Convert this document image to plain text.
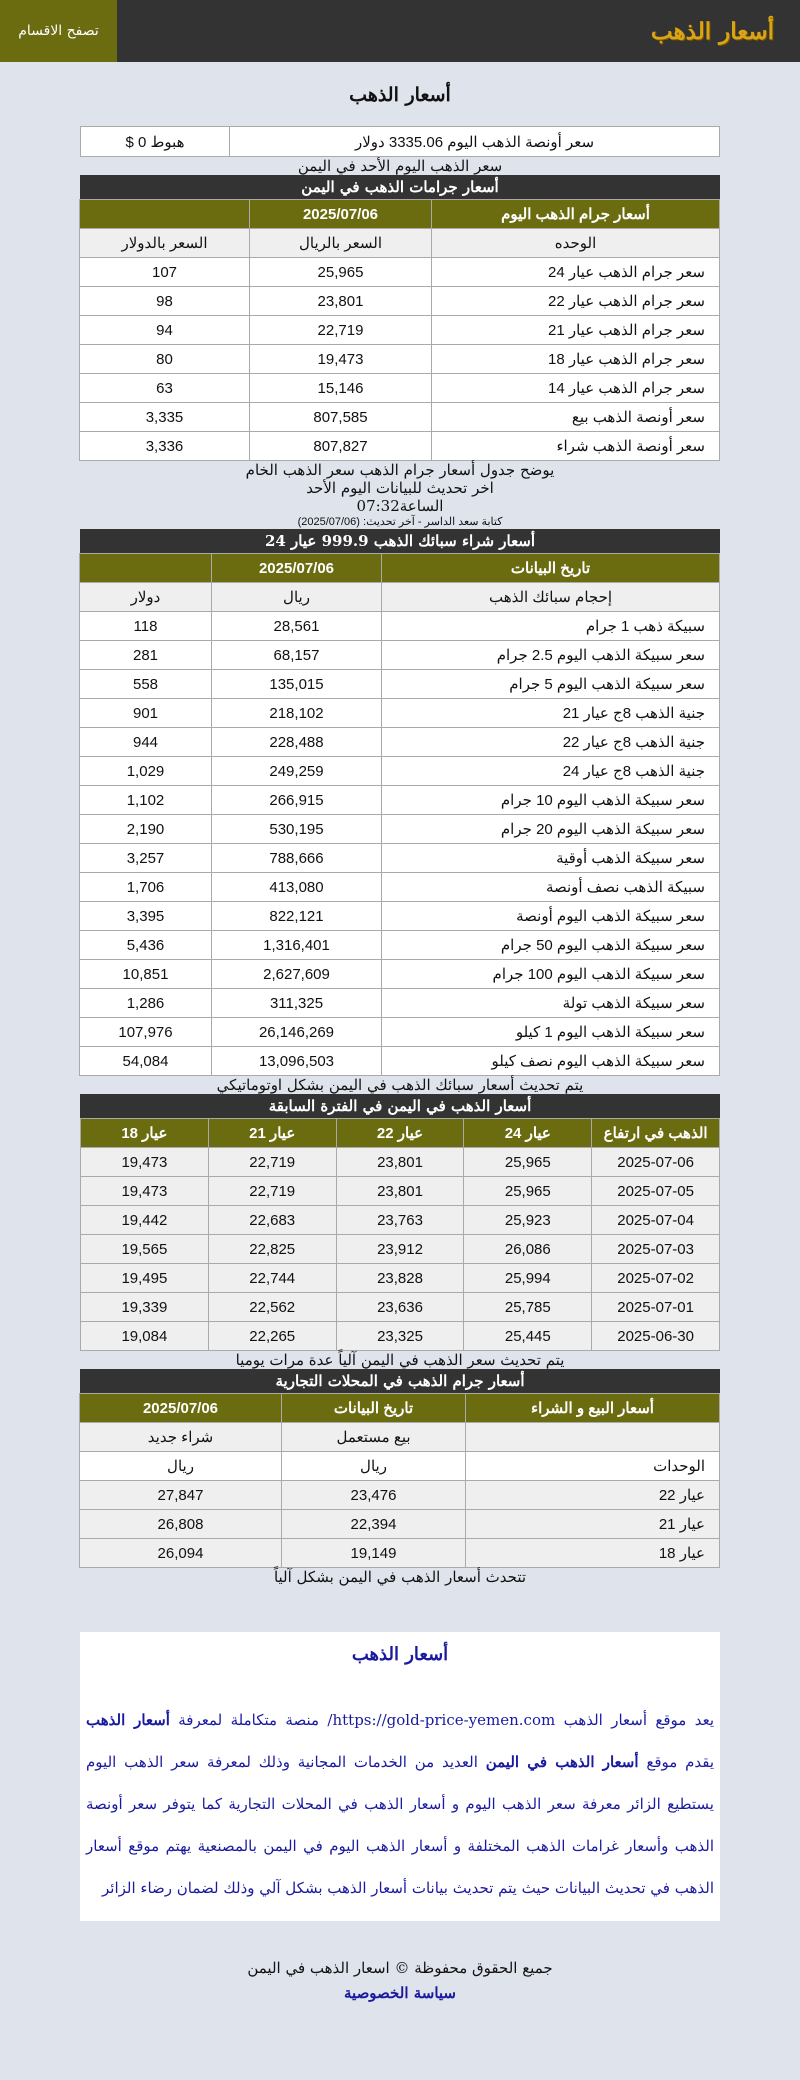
أسعار الذهب
تصفح الاقسام
أسعار الذهب
سعر أونصة الذهب اليوم 3335.06 دولار	هبوط 0 $
سعر الذهب اليوم الأحد في اليمن
أسعار جرامات الذهب في اليمن
أسعار جرام الذهب اليوم	2025/07/06	
الوحده	السعر بالريال	السعر بالدولار
سعر جرام الذهب عيار 24	25,965	107
سعر جرام الذهب عيار 22	23,801	98
سعر جرام الذهب عيار 21	22,719	94
سعر جرام الذهب عيار 18	19,473	80
سعر جرام الذهب عيار 14	15,146	63
سعر أونصة الذهب بيع	807,585	3,335
سعر أونصة الذهب شراء	807,827	3,336
يوضح جدول أسعار جرام الذهب سعر الذهب الخام
اخر تحديث للبيانات اليوم الأحد
الساعة07:32
كتابة سعد الداسر - آخر تحديث: (2025/07/06)
أسعار شراء سبائك الذهب 999.9 عيار 24
تاريخ البيانات	2025/07/06	
إحجام سبائك الذهب	ريال	دولار
سبيكة ذهب 1 جرام	28,561	118
سعر سبيكة الذهب اليوم 2.5 جرام	68,157	281
سعر سبيكة الذهب اليوم 5 جرام	135,015	558
جنية الذهب 8ج عيار 21	218,102	901
جنية الذهب 8ج عيار 22	228,488	944
جنية الذهب 8ج عيار 24	249,259	1,029
سعر سبيكة الذهب اليوم 10 جرام	266,915	1,102
سعر سبيكة الذهب اليوم 20 جرام	530,195	2,190
سعر سبيكة الذهب أوقية	788,666	3,257
سبيكة الذهب نصف أونصة	413,080	1,706
سعر سبيكة الذهب اليوم أونصة	822,121	3,395
سعر سبيكة الذهب اليوم 50 جرام	1,316,401	5,436
سعر سبيكة الذهب اليوم 100 جرام	2,627,609	10,851
سعر سبيكة الذهب تولة	311,325	1,286
سعر سبيكة الذهب اليوم 1 كيلو	26,146,269	107,976
سعر سبيكة الذهب اليوم نصف كيلو	13,096,503	54,084
يتم تحديث أسعار سبائك الذهب في اليمن بشكل اوتوماتيكي
أسعار الذهب في اليمن في الفترة السابقة
الذهب في ارتفاع	عيار 24	عيار 22	عيار 21	عيار 18
2025-07-06	25,965	23,801	22,719	19,473
2025-07-05	25,965	23,801	22,719	19,473
2025-07-04	25,923	23,763	22,683	19,442
2025-07-03	26,086	23,912	22,825	19,565
2025-07-02	25,994	23,828	22,744	19,495
2025-07-01	25,785	23,636	22,562	19,339
2025-06-30	25,445	23,325	22,265	19,084
يتم تحديث سعر الذهب في اليمن آلياً عدة مرات يوميا
أسعار جرام الذهب في المحلات التجارية
أسعار البيع و الشراء	تاريخ البيانات	2025/07/06
	بيع مستعمل	شراء جديد
الوحدات	ريال	ريال
عيار 22	23,476	27,847
عيار 21	22,394	26,808
عيار 18	19,149	26,094
تتحدث أسعار الذهب في اليمن بشكل آلياً
أسعار الذهب

يعد موقع أسعار الذهب https://gold-price-yemen.com/ منصة متكاملة لمعرفة أسعار الذهب يقدم موقع أسعار الذهب في اليمن العديد من الخدمات المجانية وذلك لمعرفة سعر الذهب اليوم يستطيع الزائر معرفة سعر الذهب اليوم و أسعار الذهب في المحلات التجارية كما يتوفر سعر أونصة الذهب وأسعار غرامات الذهب المختلفة و أسعار الذهب اليوم في اليمن بالمصنعية يهتم موقع أسعار الذهب في تحديث البيانات حيث يتم تحديث بيانات أسعار الذهب بشكل آلي وذلك لضمان رضاء الزائر

جميع الحقوق محفوظة © اسعار الذهب في اليمن
سياسة الخصوصية
